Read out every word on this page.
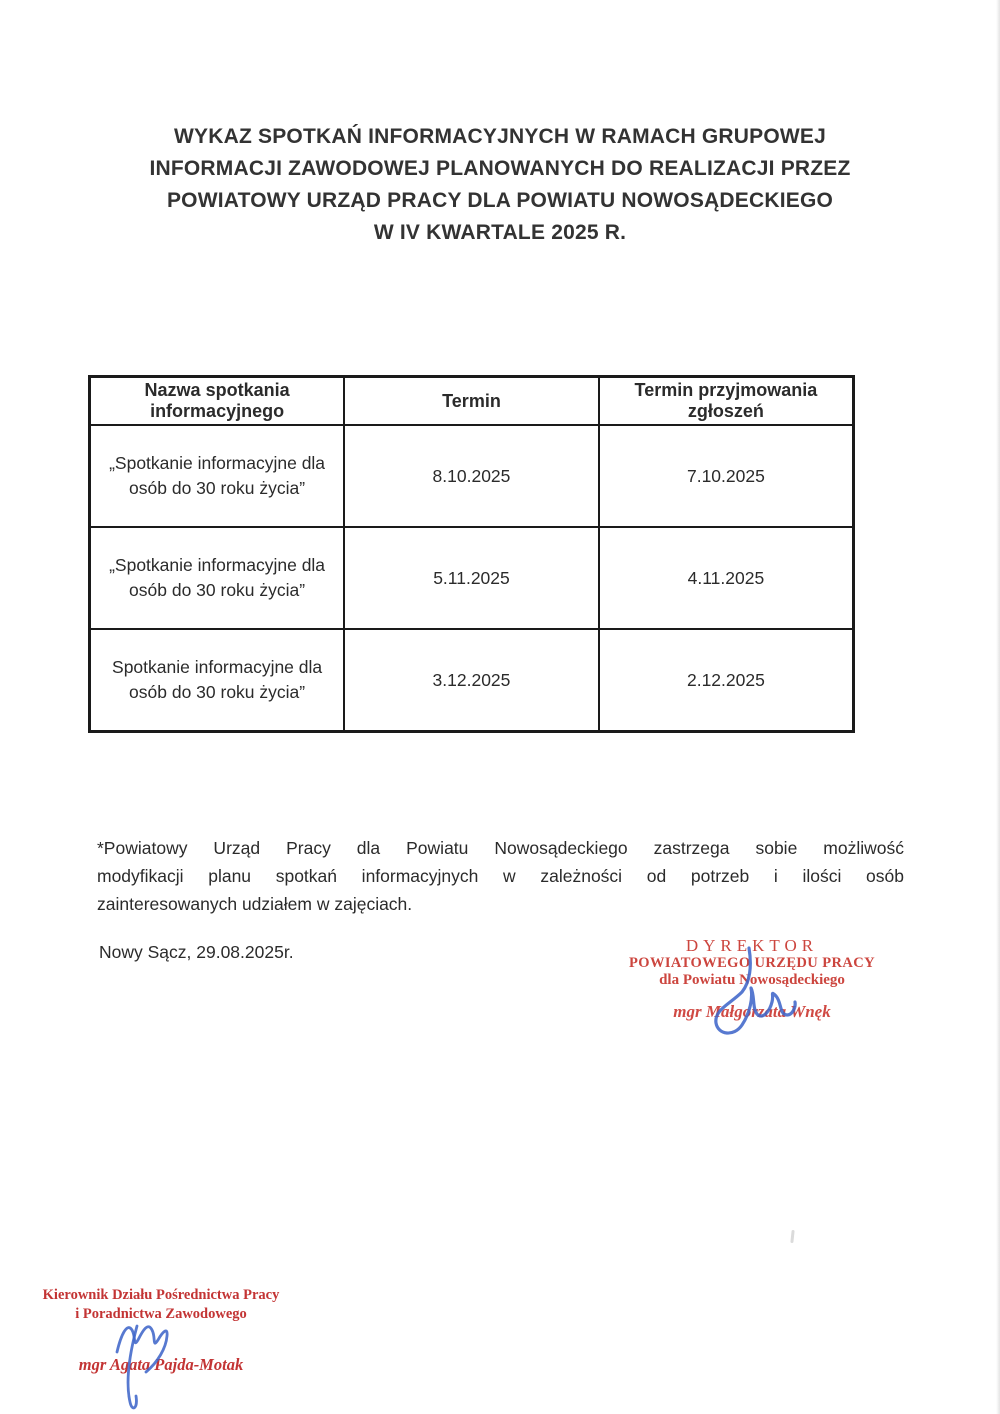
WYKAZ SPOTKAŃ INFORMACYJNYCH W RAMACH GRUPOWEJ
INFORMACJI ZAWODOWEJ PLANOWANYCH DO REALIZACJI PRZEZ
POWIATOWY URZĄD PRACY DLA POWIATU NOWOSĄDECKIEGO
W IV KWARTALE 2025 R.
Nazwa spotkania informacyjnego	Termin	Termin przyjmowania zgłoszeń
„Spotkanie informacyjne dla osób do 30 roku życia”	8.10.2025	7.10.2025
„Spotkanie informacyjne dla osób do 30 roku życia”	5.11.2025	4.11.2025
Spotkanie informacyjne dla osób do 30 roku życia”	3.12.2025	2.12.2025
*Powiatowy Urząd Pracy dla Powiatu Nowosądeckiego zastrzega sobie możliwość
modyfikacji planu spotkań informacyjnych w zależności od potrzeb i ilości osób
zainteresowanych udziałem w zajęciach.
Nowy Sącz, 29.08.2025r.	DYREKTOR
POWIATOWEGO URZĘDU PRACY
dla Powiatu Nowosądeckiego
mgr Małgorzata Wnęk
Kierownik Działu Pośrednictwa Pracy
i Poradnictwa Zawodowego
mgr Agata Pajda-Motak
